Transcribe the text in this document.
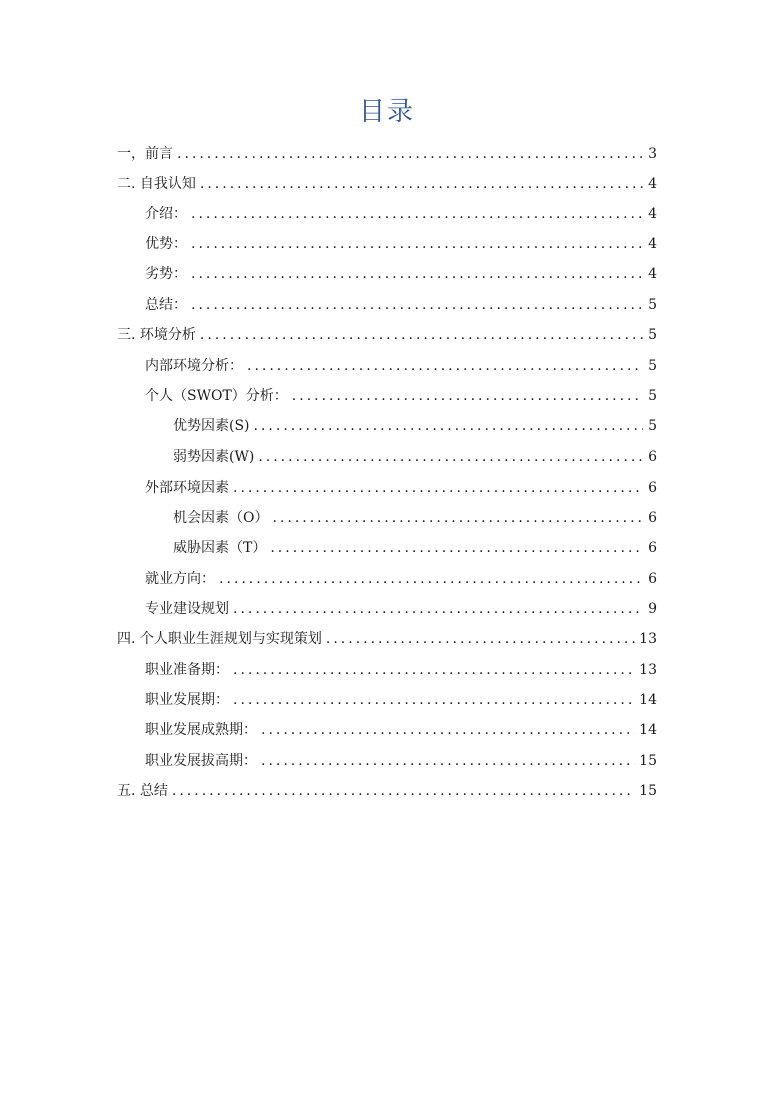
目录
一，前言 .....	3
二. 自我认知 .....	4
介绍： .....	4
优势： .....	4
劣势： .....	4
总结： .....	5
三. 环境分析 .....	5
内部环境分析： .....	5
个人（SWOT）分析： .....	5
优势因素(S) .....	5
弱势因素(W) .....	6
外部环境因素 .....	6
机会因素（O） .....	6
威胁因素（T） .....	6
就业方向： .....	6
专业建设规划 .....	9
四. 个人职业生涯规划与实现策划 .....	13
职业准备期： .....	13
职业发展期： .....	14
职业发展成熟期： .....	14
职业发展拔高期： .....	15
五. 总结 .....	15
